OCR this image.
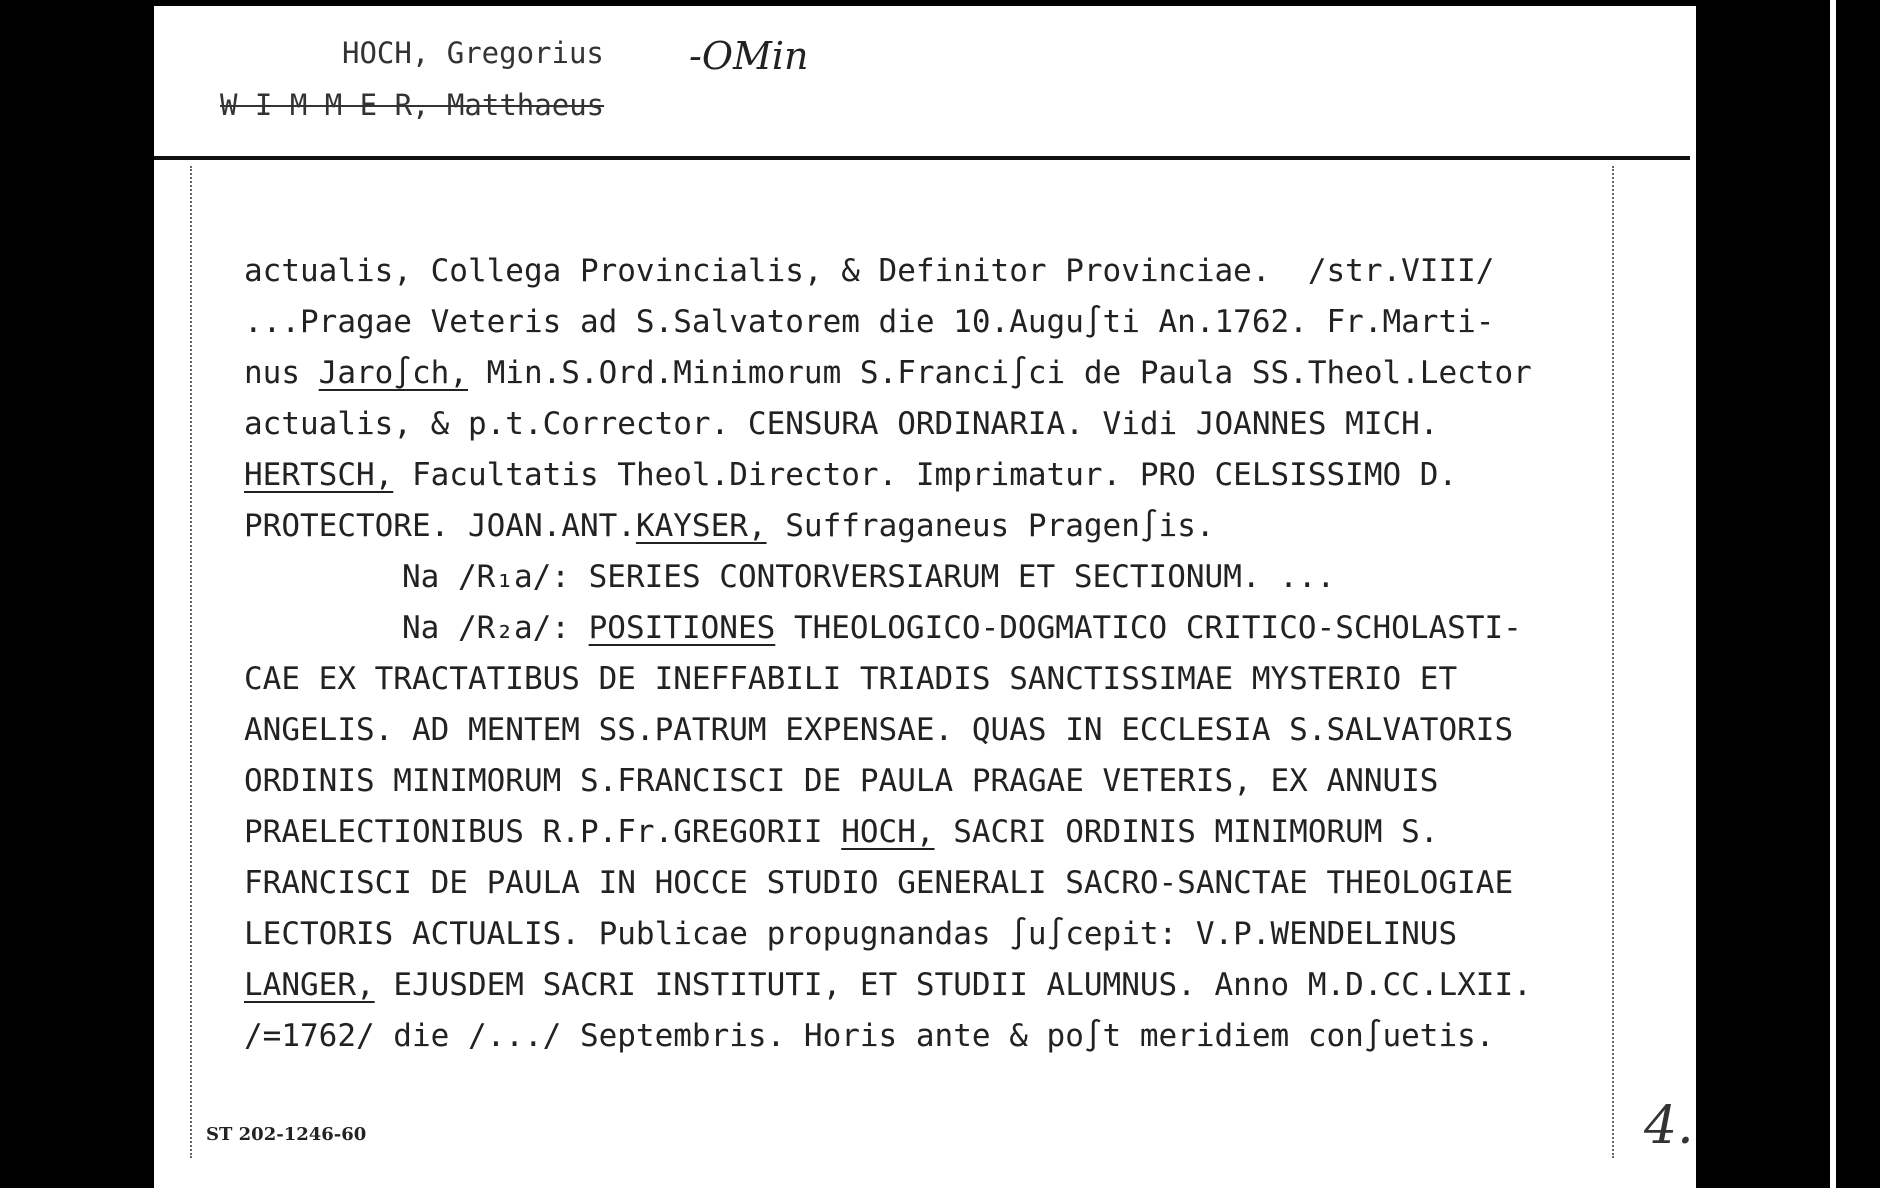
HOCH, Gregorius -OMin
W I M M E R, Matthaeus

actualis, Collega Provincialis, & Definitor Provinciae.  /str.VIII/

...Pragae Veteris ad S.Salvatorem die 10.Augu∫ti An.1762. Fr.Marti-

nus Jaro∫ch, Min.S.Ord.Minimorum S.Franci∫ci de Paula SS.Theol.Lector

actualis, & p.t.Corrector. CENSURA ORDINARIA. Vidi JOANNES MICH.

HERTSCH, Facultatis Theol.Director. Imprimatur. PRO CELSISSIMO D.

PROTECTORE. JOAN.ANT.KAYSER, Suffraganeus Pragen∫is.

Na /R₁a/: SERIES CONTORVERSIARUM ET SECTIONUM. ...

Na /R₂a/: POSITIONES THEOLOGICO-DOGMATICO CRITICO-SCHOLASTI-

CAE EX TRACTATIBUS DE INEFFABILI TRIADIS SANCTISSIMAE MYSTERIO ET

ANGELIS. AD MENTEM SS.PATRUM EXPENSAE. QUAS IN ECCLESIA S.SALVATORIS

ORDINIS MINIMORUM S.FRANCISCI DE PAULA PRAGAE VETERIS, EX ANNUIS

PRAELECTIONIBUS R.P.Fr.GREGORII HOCH, SACRI ORDINIS MINIMORUM S.

FRANCISCI DE PAULA IN HOCCE STUDIO GENERALI SACRO-SANCTAE THEOLOGIAE

LECTORIS ACTUALIS. Publicae propugnandas ∫u∫cepit: V.P.WENDELINUS

LANGER, EJUSDEM SACRI INSTITUTI, ET STUDII ALUMNUS. Anno M.D.CC.LXII.

/=1762/ die /.../ Septembris. Horis ante & po∫t meridiem con∫uetis.

ST 202-1246-60	4.
